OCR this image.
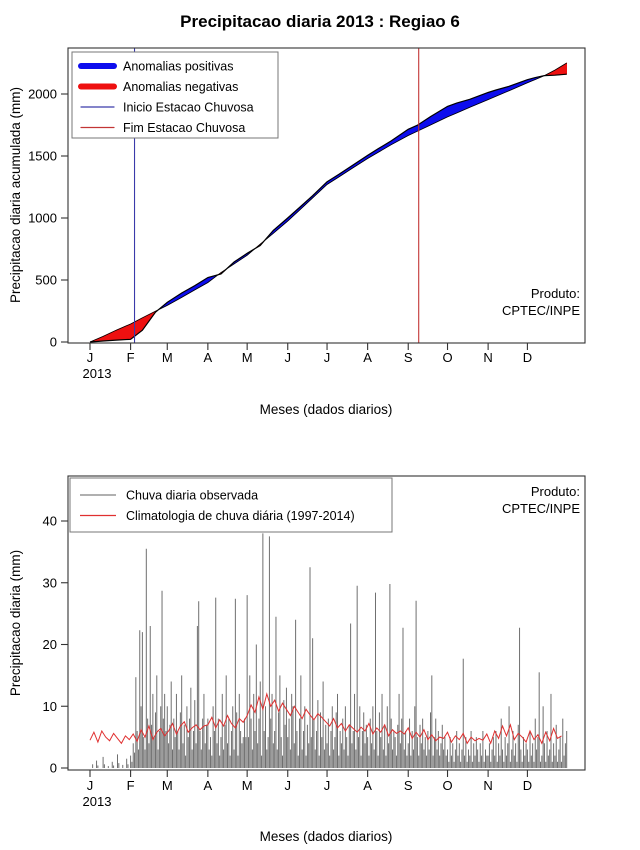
Precipitacao diaria 2013 : Regiao 6
0
500
1000
1500
2000
J	F M A M J	J	A S O N D
2013
Meses (dados diarios)
Precipitacao diaria acumulada (mm)
Anomalias positivas
Anomalias negativas
Inicio Estacao Chuvosa
Fim Estacao Chuvosa
Produto:
CPTEC/INPE
0
10
20
30
40
J	F M A M J	J	A S O N D
2013
Meses (dados diarios)
Precipitacao diaria (mm)
Chuva diaria observada
Climatologia de chuva diária (1997-2014)
Produto:
CPTEC/INPE
